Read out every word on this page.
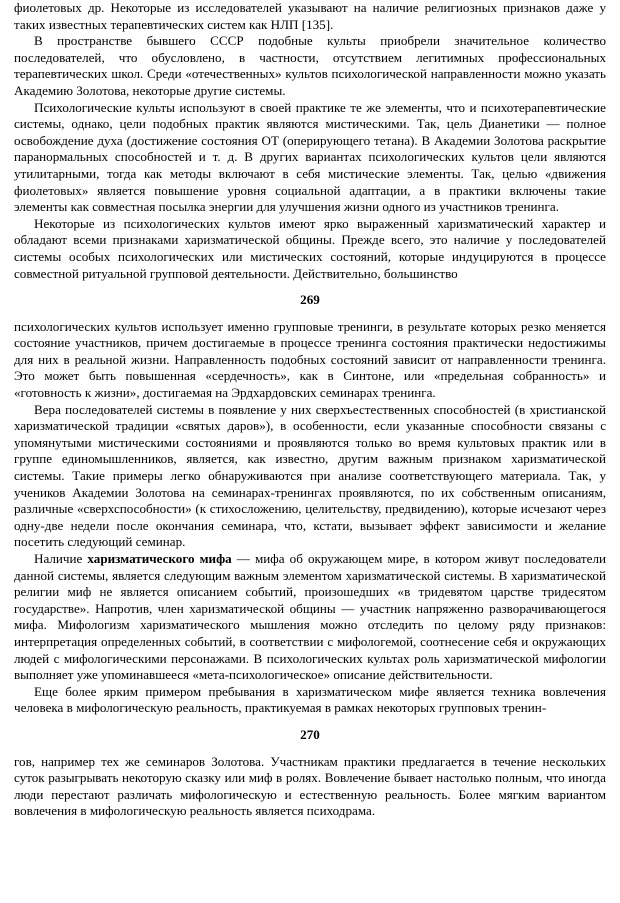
фиолетовых др. Некоторые из исследователей указывают на наличие религиозных признаков даже у таких известных терапевтических систем как НЛП [135].

В пространстве бывшего СССР подобные культы приобрели значительное количество последователей, что обусловлено, в частности, отсутствием легитимных профессиональных терапевтических школ. Среди «отечественных» культов психологической направленности можно указать Академию Золотова, некоторые другие системы.

Психологические культы используют в своей практике те же элементы, что и психотерапевтические системы, однако, цели подобных практик являются мистическими. Так, цель Дианетики — полное освобождение духа (достижение состояния ОТ (оперирующего тетана). В Академии Золотова раскрытие паранормальных способностей и т. д. В других вариантах психологических культов цели являются утилитарными, тогда как методы включают в себя мистические элементы. Так, целью «движения фиолетовых» является повышение уровня социальной адаптации, а в практики включены такие элементы как совместная посылка энергии для улучшения жизни одного из участников тренинга.

Некоторые из психологических культов имеют ярко выраженный харизматический характер и обладают всеми признаками харизматической общины. Прежде всего, это наличие у последователей системы особых психологических или мистических состояний, которые индуцируются в процессе совместной ритуальной групповой деятельности. Действительно, большинство

269

психологических культов использует именно групповые тренинги, в результате которых резко меняется состояние участников, причем достигаемые в процессе тренинга состояния практически недостижимы для них в реальной жизни. Направленность подобных состояний зависит от направленности тренинга. Это может быть повышенная «сердечность», как в Синтоне, или «предельная собранность» и «готовность к жизни», достигаемая на Эрдхардовских семинарах тренинга.

Вера последователей системы в появление у них сверхъестественных способностей (в христианской харизматической традиции «святых даров»), в особенности, если указанные способности связаны с упомянутыми мистическими состояниями и проявляются только во время культовых практик или в группе единомышленников, является, как известно, другим важным признаком харизматической системы. Такие примеры легко обнаруживаются при анализе соответствующего материала. Так, у учеников Академии Золотова на семинарах-тренингах проявляются, по их собственным описаниям, различные «сверхспособности» (к стихосложению, целительству, предвидению), которые исчезают через одну-две недели после окончания семинара, что, кстати, вызывает эффект зависимости и желание посетить следующий семинар.

Наличие харизматического мифа — мифа об окружающем мире, в котором живут последователи данной системы, является следующим важным элементом харизматической системы. В харизматической религии миф не является описанием событий, произошедших «в тридевятом царстве тридесятом государстве». Напротив, член харизматической общины — участник напряженно разворачивающегося мифа. Мифологизм харизматического мышления можно отследить по целому ряду признаков: интерпретация определенных событий, в соответствии с мифологемой, соотнесение себя и окружающих людей с мифологическими персонажами. В психологических культах роль харизматической мифологии выполняет уже упоминавшееся «мета-психологическое» описание действительности.

Еще более ярким примером пребывания в харизматическом мифе является техника вовлечения человека в мифологическую реальность, практикуемая в рамках некоторых групповых тренин-

270

гов, например тех же семинаров Золотова. Участникам практики предлагается в течение нескольких суток разыгрывать некоторую сказку или миф в ролях. Вовлечение бывает настолько полным, что иногда люди перестают различать мифологическую и естественную реальность. Более мягким вариантом вовлечения в мифологическую реальность является психодрама.
